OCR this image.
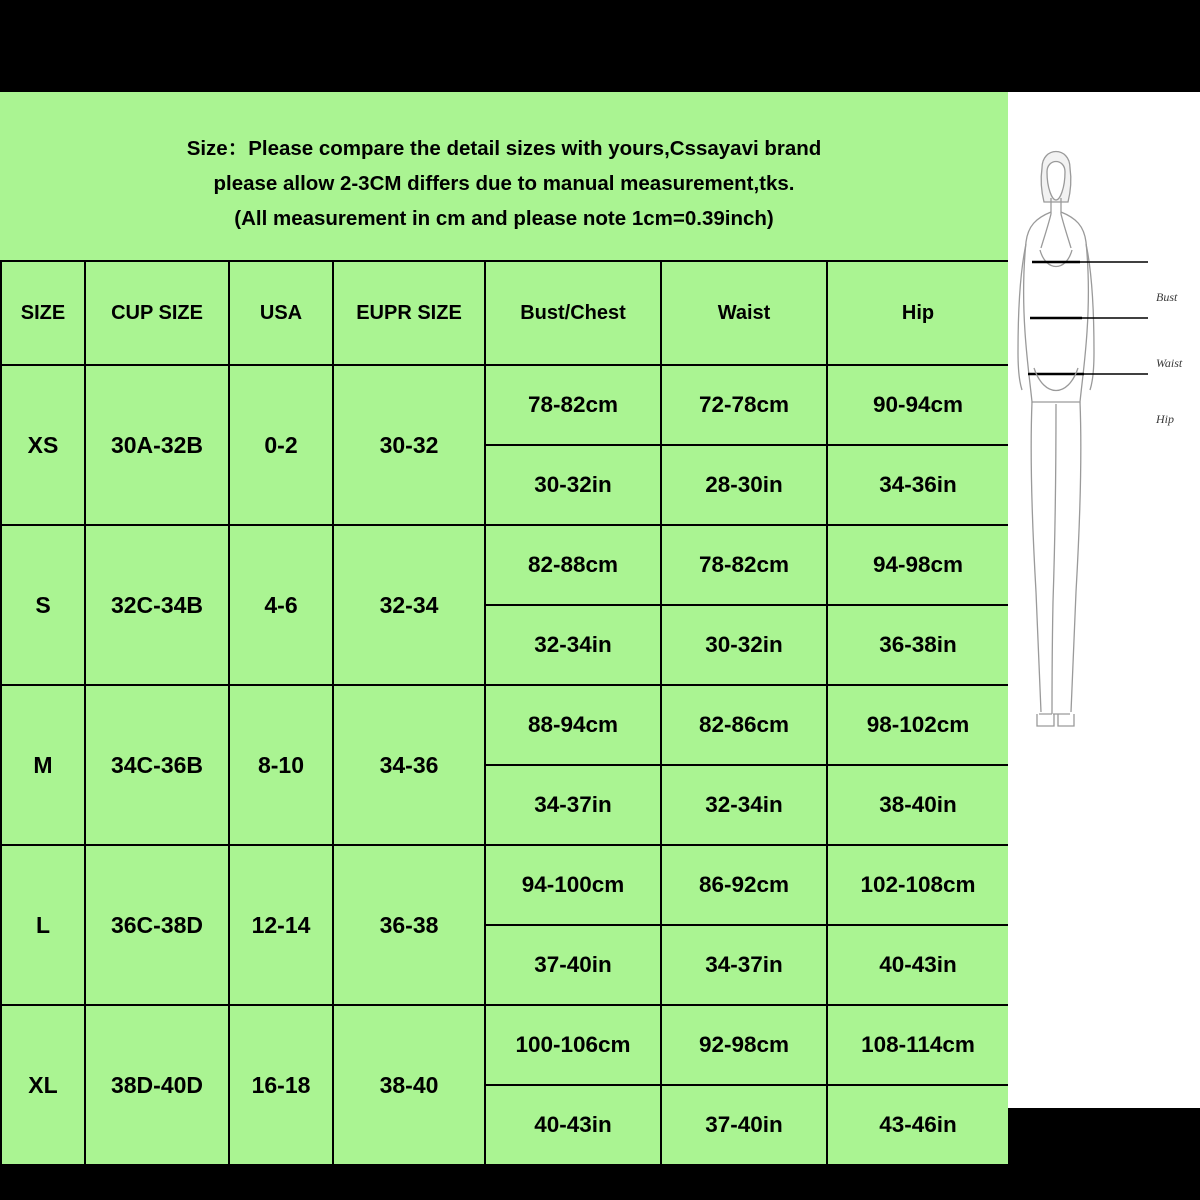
Size：Please compare the detail sizes with yours,Cssayavi brand
please allow 2-3CM differs due to manual measurement,tks.
(All measurement in cm and please note 1cm=0.39inch)
SIZE	CUP SIZE	USA	EUPR SIZE	Bust/Chest	Waist	Hip
XS	30A-32B	0-2	30-32	78-82cm	72-78cm	90-94cm
				30-32in	28-30in	34-36in
S	32C-34B	4-6	32-34	82-88cm	78-82cm	94-98cm
				32-34in	30-32in	36-38in
M	34C-36B	8-10	34-36	88-94cm	82-86cm	98-102cm
				34-37in	32-34in	38-40in
L	36C-38D	12-14	36-38	94-100cm	86-92cm	102-108cm
				37-40in	34-37in	40-43in
XL	38D-40D	16-18	38-40	100-106cm	92-98cm	108-114cm
				40-43in	37-40in	43-46in
Bust
Waist
Hip
